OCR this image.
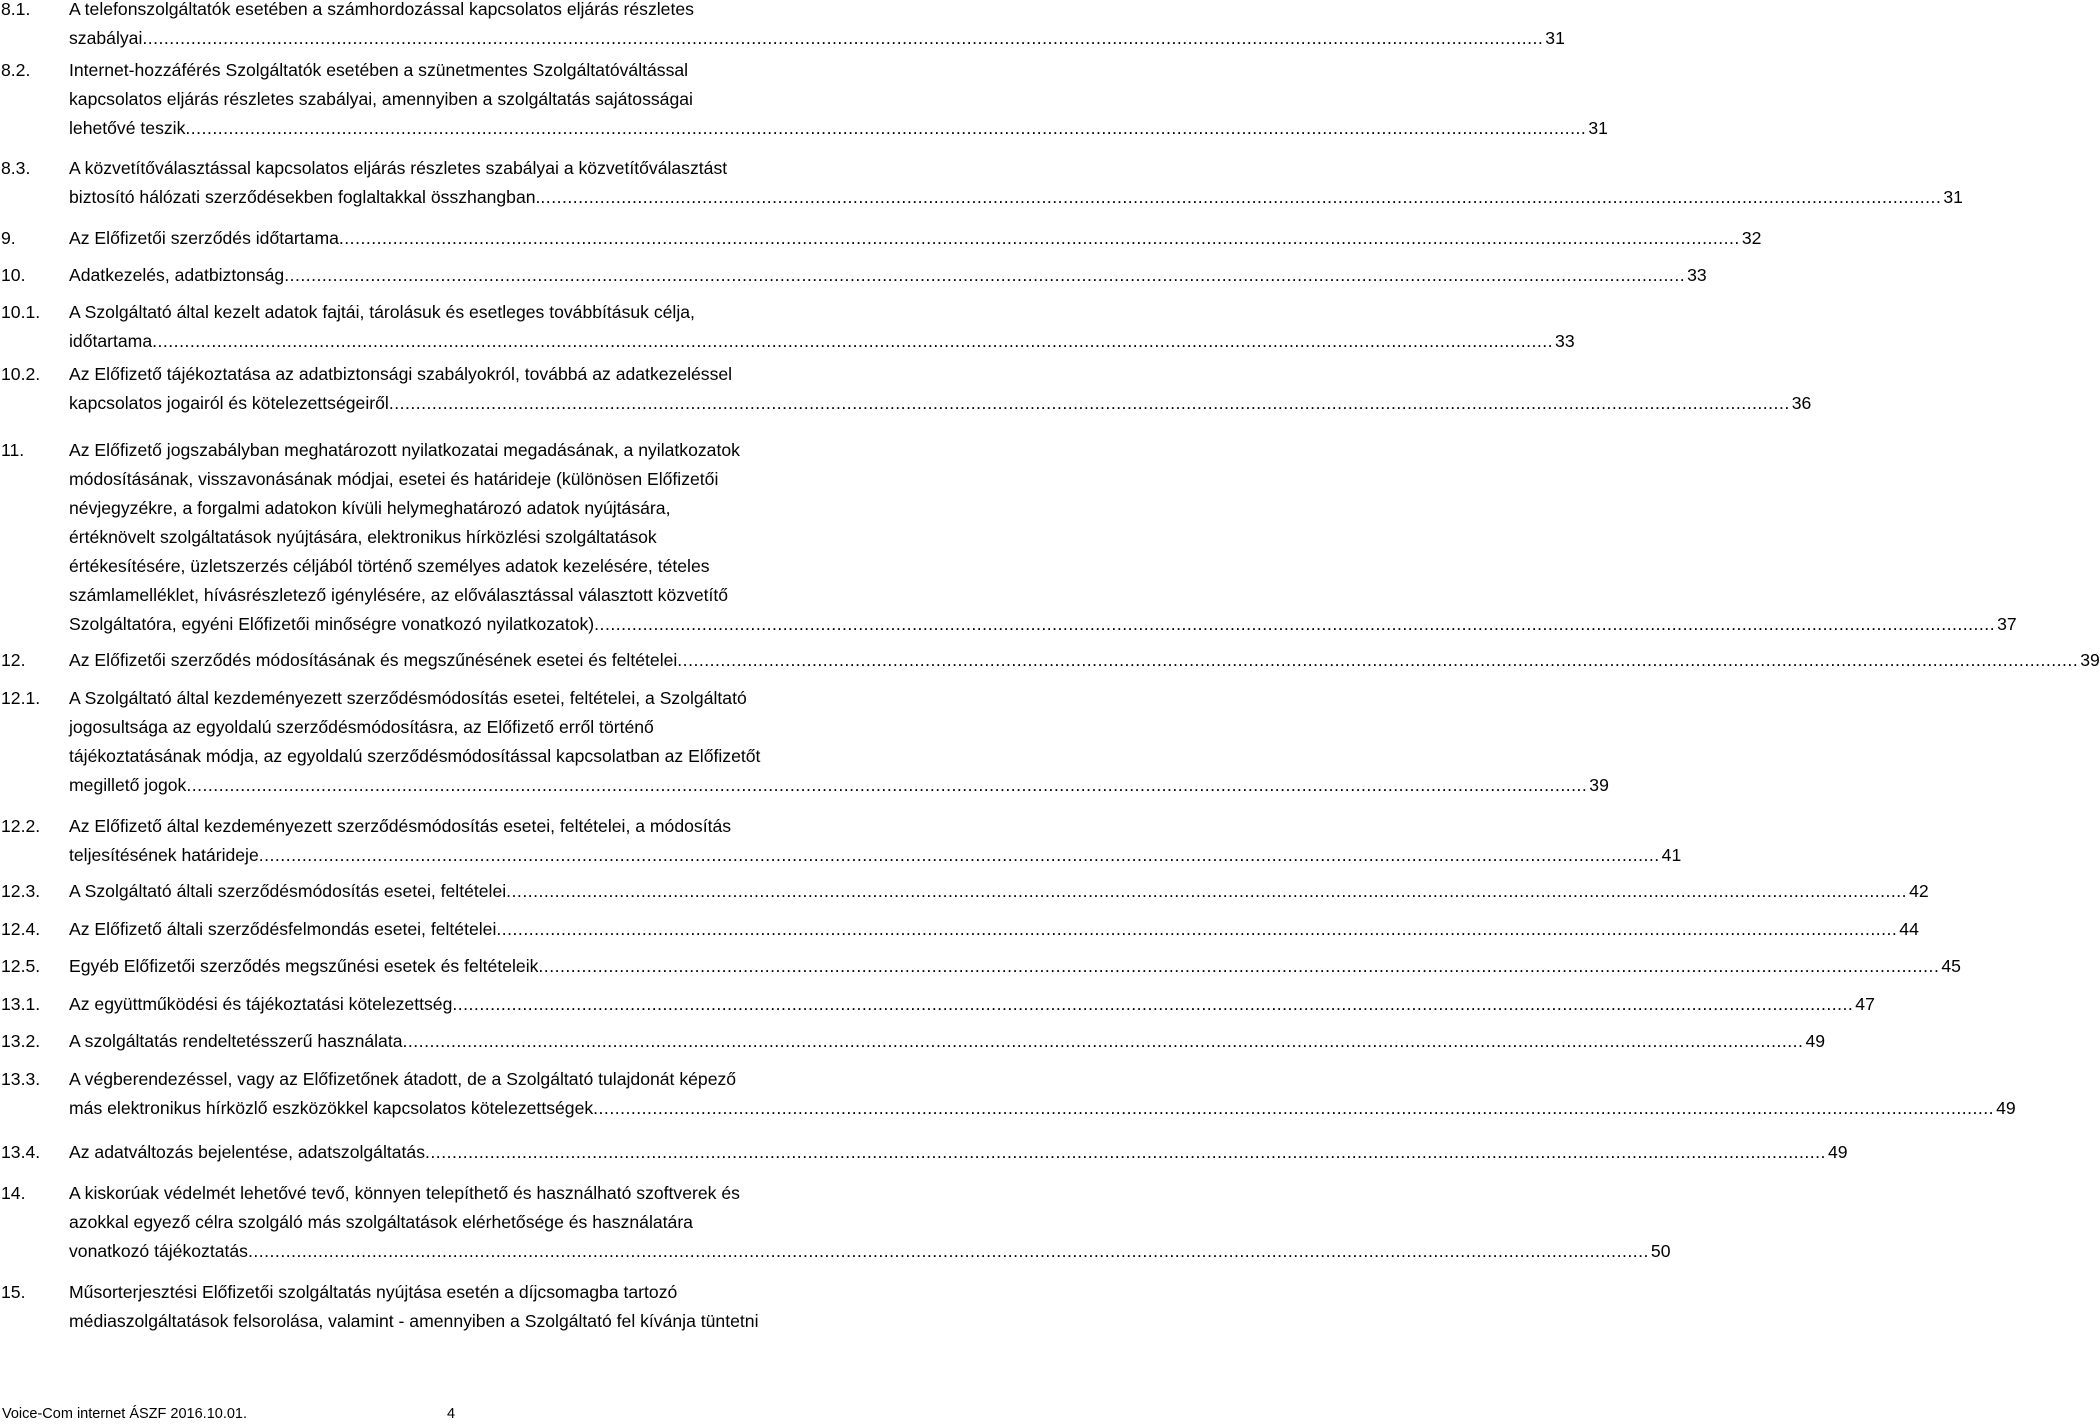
8.1.	A telefonszolgáltatók esetében a számhordozással kapcsolatos eljárás részletes
szabályai .....	31
8.2.	Internet-hozzáférés Szolgáltatók esetében a szünetmentes Szolgáltatóváltással
kapcsolatos eljárás részletes szabályai, amennyiben a szolgáltatás sajátosságai
lehetővé teszik .....	31
8.3.	A közvetítőválasztással kapcsolatos eljárás részletes szabályai a közvetítőválasztást
biztosító hálózati szerződésekben foglaltakkal összhangban. .....	31
9.	Az Előfizetői szerződés időtartama .....	32
10.	Adatkezelés, adatbiztonság .....	33
10.1.	A Szolgáltató által kezelt adatok fajtái, tárolásuk és esetleges továbbításuk célja,
időtartama .....	33
10.2.	Az Előfizető tájékoztatása az adatbiztonsági szabályokról, továbbá az adatkezeléssel
kapcsolatos jogairól és kötelezettségeiről .....	36
11.	Az Előfizető jogszabályban meghatározott nyilatkozatai megadásának, a nyilatkozatok
módosításának, visszavonásának módjai, esetei és határideje (különösen Előfizetői
névjegyzékre, a forgalmi adatokon kívüli helymeghatározó adatok nyújtására,
értéknövelt szolgáltatások nyújtására, elektronikus hírközlési szolgáltatások
értékesítésére, üzletszerzés céljából történő személyes adatok kezelésére, tételes
számlamelléklet, hívásrészletező igénylésére, az előválasztással választott közvetítő
Szolgáltatóra, egyéni Előfizetői minőségre vonatkozó nyilatkozatok) .....	37
12.	Az Előfizetői szerződés módosításának és megszűnésének esetei és feltételei .....	39
12.1.	A Szolgáltató által kezdeményezett szerződésmódosítás esetei, feltételei, a Szolgáltató
jogosultsága az egyoldalú szerződésmódosításra, az Előfizető erről történő
tájékoztatásának módja, az egyoldalú szerződésmódosítással kapcsolatban az Előfizetőt
megillető jogok .....	39
12.2.	Az Előfizető által kezdeményezett szerződésmódosítás esetei, feltételei, a módosítás
teljesítésének határideje .....	41
12.3.	A Szolgáltató általi szerződésmódosítás esetei, feltételei .....	42
12.4.	Az Előfizető általi szerződésfelmondás esetei, feltételei .....	44
12.5.	Egyéb Előfizetői szerződés megszűnési esetek és feltételeik .....	45
13.1.	Az együttműködési és tájékoztatási kötelezettség .....	47
13.2.	A szolgáltatás rendeltetésszerű használata .....	49
13.3.	A végberendezéssel, vagy az Előfizetőnek átadott, de a Szolgáltató tulajdonát képező
más elektronikus hírközlő eszközökkel kapcsolatos kötelezettségek .....	49
13.4.	Az adatváltozás bejelentése, adatszolgáltatás .....	49
14.	A kiskorúak védelmét lehetővé tevő, könnyen telepíthető és használható szoftverek és
azokkal egyező célra szolgáló más szolgáltatások elérhetősége és használatára
vonatkozó tájékoztatás .....	50
15.	Műsorterjesztési Előfizetői szolgáltatás nyújtása esetén a díjcsomagba tartozó
médiaszolgáltatások felsorolása, valamint - amennyiben a Szolgáltató fel kívánja tüntetni
Voice-Com internet ÁSZF 2016.10.01.	4
